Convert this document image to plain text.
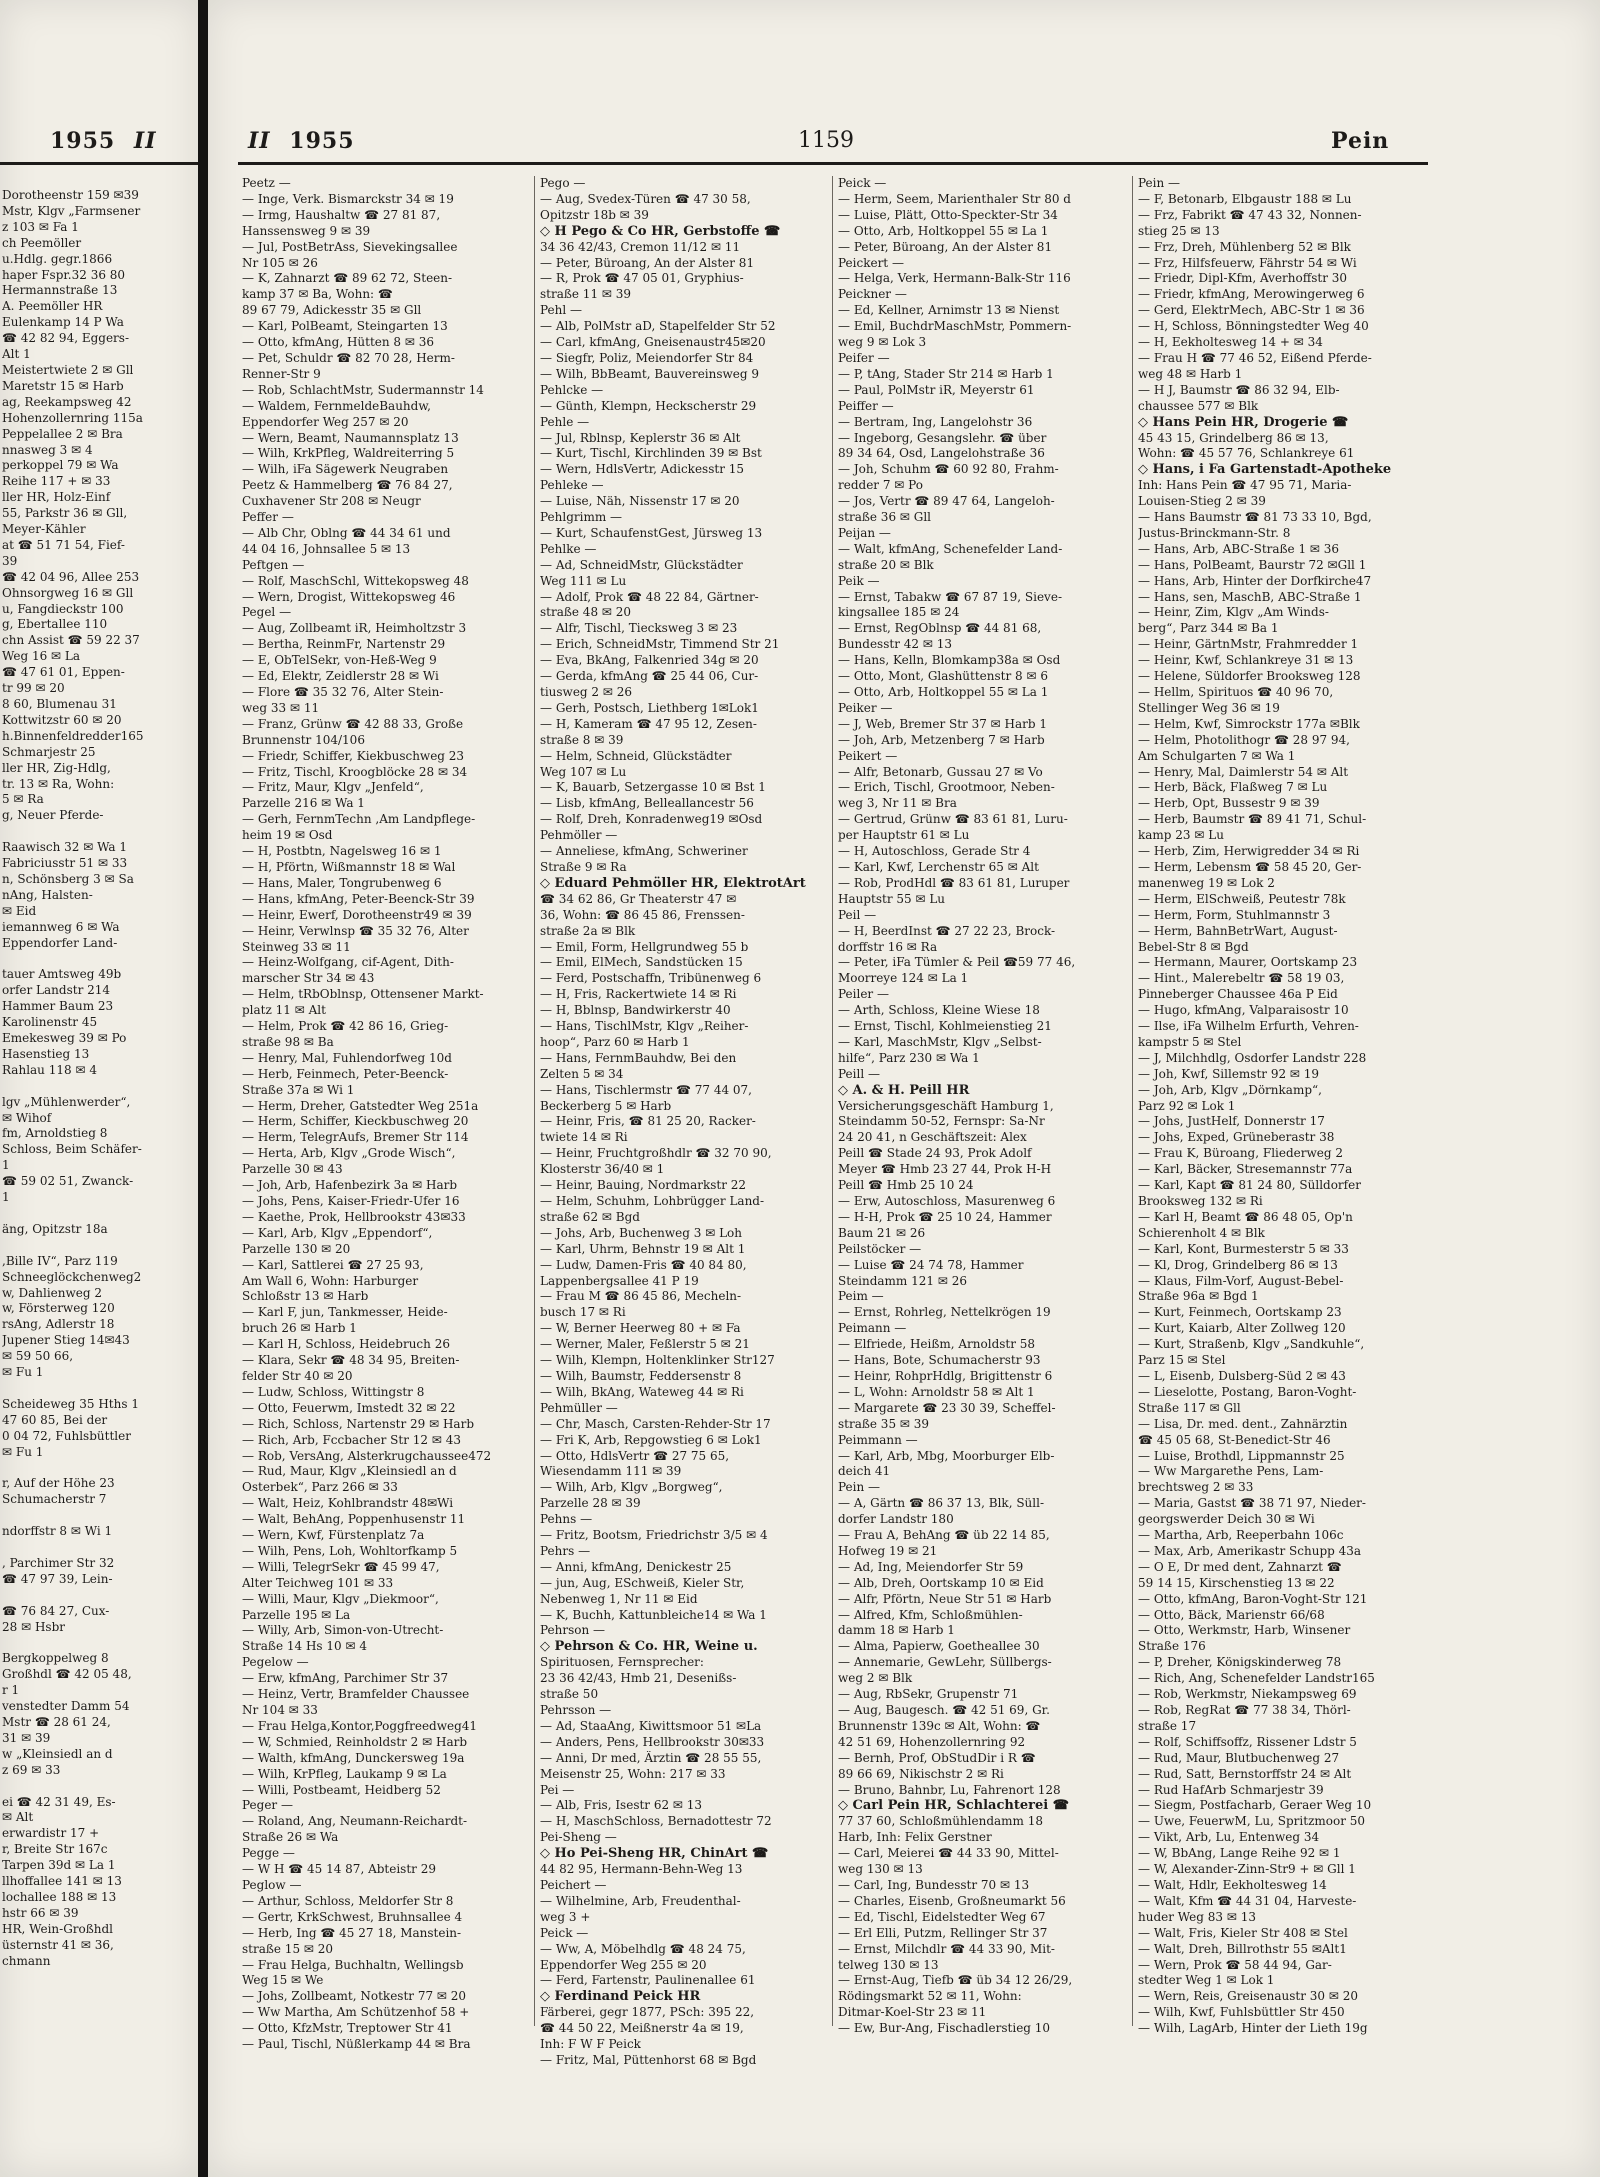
1955 II
Dorotheenstr 159 ✉39
Mstr, Klgv „Farmsener
z 103 ✉ Fa 1
ch Peemöller
u.Hdlg. gegr.1866
haper Fspr.32 36 80
Hermannstraße 13
A. Peemöller HR
Eulenkamp 14 P Wa
☎ 42 82 94, Eggers-
Alt 1
Meistertwiete 2 ✉ Gll
Maretstr 15 ✉ Harb
ag, Reekampsweg 42
Hohenzollernring 115a
Peppelallee 2 ✉ Bra
nnasweg 3 ✉ 4
perkoppel 79 ✉ Wa
Reihe 117 + ✉ 33
ller HR, Holz-Einf
55, Parkstr 36 ✉ Gll,
Meyer-Kähler
at ☎ 51 71 54, Fief-
39
☎ 42 04 96, Allee 253
Ohnsorgweg 16 ✉ Gll
u, Fangdieckstr 100
g, Ebertallee 110
chn Assist ☎ 59 22 37
Weg 16 ✉ La
☎ 47 61 01, Eppen-
tr 99 ✉ 20
8 60, Blumenau 31
Kottwitzstr 60 ✉ 20
h.Binnenfeldredder165
Schmarjestr 25
ller HR, Zig-Hdlg,
tr. 13 ✉ Ra, Wohn:
5 ✉ Ra
g, Neuer Pferde-

Raawisch 32 ✉ Wa 1
Fabriciusstr 51 ✉ 33
n, Schönsberg 3 ✉ Sa
nAng, Halsten-
✉ Eid
iemannweg 6 ✉ Wa
Eppendorfer Land-

tauer Amtsweg 49b
orfer Landstr 214
Hammer Baum 23
Karolinenstr 45
Emekesweg 39 ✉ Po
Hasenstieg 13
Rahlau 118 ✉ 4

lgv „Mühlenwerder“,
✉ Wihof
fm, Arnoldstieg 8
Schloss, Beim Schäfer-
1
☎ 59 02 51, Zwanck-
1

äng, Opitzstr 18a

,Bille IV“, Parz 119
Schneeglöckchenweg2
w, Dahlienweg 2
w, Försterweg 120
rsAng, Adlerstr 18
Jupener Stieg 14✉43
✉ 59 50 66,
✉ Fu 1

Scheideweg 35 Hths 1
47 60 85, Bei der
0 04 72, Fuhlsbüttler
✉ Fu 1

r, Auf der Höhe 23
Schumacherstr 7

ndorffstr 8 ✉ Wi 1

, Parchimer Str 32
☎ 47 97 39, Lein-

☎ 76 84 27, Cux-
28 ✉ Hsbr

Bergkoppelweg 8
Großhdl ☎ 42 05 48,
r 1
venstedter Damm 54
Mstr ☎ 28 61 24,
31 ✉ 39
w „Kleinsiedl an d
z 69 ✉ 33

ei ☎ 42 31 49, Es-
✉ Alt
erwardistr 17 +
r, Breite Str 167c
Tarpen 39d ✉ La 1
llhoffallee 141 ✉ 13
lochallee 188 ✉ 13
hstr 66 ✉ 39
HR, Wein-Großhdl
üsternstr 41 ✉ 36,
chmann
II 1955	1159	Pein
Peetz —
— Inge, Verk. Bismarckstr 34 ✉ 19
— Irmg, Haushaltw ☎ 27 81 87,
Hanssensweg 9 ✉ 39
— Jul, PostBetrAss, Sievekingsallee
Nr 105 ✉ 26
— K, Zahnarzt ☎ 89 62 72, Steen-
kamp 37 ✉ Ba, Wohn: ☎
89 67 79, Adickesstr 35 ✉ Gll
— Karl, PolBeamt, Steingarten 13
— Otto, kfmAng, Hütten 8 ✉ 36
— Pet, Schuldr ☎ 82 70 28, Herm-
Renner-Str 9
— Rob, SchlachtMstr, Sudermannstr 14
— Waldem, FernmeldeBauhdw,
Eppendorfer Weg 257 ✉ 20
— Wern, Beamt, Naumannsplatz 13
— Wilh, KrkPfleg, Waldreiterring 5
— Wilh, iFa Sägewerk Neugraben
Peetz & Hammelberg ☎ 76 84 27,
Cuxhavener Str 208 ✉ Neugr
Peffer —
— Alb Chr, Oblng ☎ 44 34 61 und
44 04 16, Johnsallee 5 ✉ 13
Peftgen —
— Rolf, MaschSchl, Wittekopsweg 48
— Wern, Drogist, Wittekopsweg 46
Pegel —
— Aug, Zollbeamt iR, Heimholtzstr 3
— Bertha, ReinmFr, Nartenstr 29
— E, ObTelSekr, von-Heß-Weg 9
— Ed, Elektr, Zeidlerstr 28 ✉ Wi
— Flore ☎ 35 32 76, Alter Stein-
weg 33 ✉ 11
— Franz, Grünw ☎ 42 88 33, Große
Brunnenstr 104/106
— Friedr, Schiffer, Kiekbuschweg 23
— Fritz, Tischl, Kroogblöcke 28 ✉ 34
— Fritz, Maur, Klgv „Jenfeld“,
Parzelle 216 ✉ Wa 1
— Gerh, FernmTechn ,Am Landpflege-
heim 19 ✉ Osd
— H, Postbtn, Nagelsweg 16 ✉ 1
— H, Pförtn, Wißmannstr 18 ✉ Wal
— Hans, Maler, Tongrubenweg 6
— Hans, kfmAng, Peter-Beenck-Str 39
— Heinr, Ewerf, Dorotheenstr49 ✉ 39
— Heinr, Verwlnsp ☎ 35 32 76, Alter
Steinweg 33 ✉ 11
— Heinz-Wolfgang, cif-Agent, Dith-
marscher Str 34 ✉ 43
— Helm, tRbOblnsp, Ottensener Markt-
platz 11 ✉ Alt
— Helm, Prok ☎ 42 86 16, Grieg-
straße 98 ✉ Ba
— Henry, Mal, Fuhlendorfweg 10d
— Herb, Feinmech, Peter-Beenck-
Straße 37a ✉ Wi 1
— Herm, Dreher, Gatstedter Weg 251a
— Herm, Schiffer, Kieckbuschweg 20
— Herm, TelegrAufs, Bremer Str 114
— Herta, Arb, Klgv „Grode Wisch“,
Parzelle 30 ✉ 43
— Joh, Arb, Hafenbezirk 3a ✉ Harb
— Johs, Pens, Kaiser-Friedr-Ufer 16
— Kaethe, Prok, Hellbrookstr 43✉33
— Karl, Arb, Klgv „Eppendorf“,
Parzelle 130 ✉ 20
— Karl, Sattlerei ☎ 27 25 93,
Am Wall 6, Wohn: Harburger
Schloßstr 13 ✉ Harb
— Karl F, jun, Tankmesser, Heide-
bruch 26 ✉ Harb 1
— Karl H, Schloss, Heidebruch 26
— Klara, Sekr ☎ 48 34 95, Breiten-
felder Str 40 ✉ 20
— Ludw, Schloss, Wittingstr 8
— Otto, Feuerwm, Imstedt 32 ✉ 22
— Rich, Schloss, Nartenstr 29 ✉ Harb
— Rich, Arb, Fccbacher Str 12 ✉ 43
— Rob, VersAng, Alsterkrugchaussee472
— Rud, Maur, Klgv „Kleinsiedl an d
Osterbek“, Parz 266 ✉ 33
— Walt, Heiz, Kohlbrandstr 48✉Wi
— Walt, BehAng, Poppenhusenstr 11
— Wern, Kwf, Fürstenplatz 7a
— Wilh, Pens, Loh, Wohltorfkamp 5
— Willi, TelegrSekr ☎ 45 99 47,
Alter Teichweg 101 ✉ 33
— Willi, Maur, Klgv „Diekmoor“,
Parzelle 195 ✉ La
— Willy, Arb, Simon-von-Utrecht-
Straße 14 Hs 10 ✉ 4
Pegelow —
— Erw, kfmAng, Parchimer Str 37
— Heinz, Vertr, Bramfelder Chaussee
Nr 104 ✉ 33
— Frau Helga,Kontor,Poggfreedweg41
— W, Schmied, Reinholdstr 2 ✉ Harb
— Walth, kfmAng, Dunckersweg 19a
— Wilh, KrPfleg, Laukamp 9 ✉ La
— Willi, Postbeamt, Heidberg 52
Peger —
— Roland, Ang, Neumann-Reichardt-
Straße 26 ✉ Wa
Pegge —
— W H ☎ 45 14 87, Abteistr 29
Peglow —
— Arthur, Schloss, Meldorfer Str 8
— Gertr, KrkSchwest, Bruhnsallee 4
— Herb, Ing ☎ 45 27 18, Manstein-
straße 15 ✉ 20
— Frau Helga, Buchhaltn, Wellingsb
Weg 15 ✉ We
— Johs, Zollbeamt, Notkestr 77 ✉ 20
— Ww Martha, Am Schützenhof 58 +
— Otto, KfzMstr, Treptower Str 41
— Paul, Tischl, Nüßlerkamp 44 ✉ Bra
Pego —
— Aug, Svedex-Türen ☎ 47 30 58,
Opitzstr 18b ✉ 39
◇ H Pego & Co HR, Gerbstoffe ☎
34 36 42/43, Cremon 11/12 ✉ 11
— Peter, Büroang, An der Alster 81
— R, Prok ☎ 47 05 01, Gryphius-
straße 11 ✉ 39
Pehl —
— Alb, PolMstr aD, Stapelfelder Str 52
— Carl, kfmAng, Gneisenaustr45✉20
— Siegfr, Poliz, Meiendorfer Str 84
— Wilh, BbBeamt, Bauvereinsweg 9
Pehlcke —
— Günth, Klempn, Heckscherstr 29
Pehle —
— Jul, Rblnsp, Keplerstr 36 ✉ Alt
— Kurt, Tischl, Kirchlinden 39 ✉ Bst
— Wern, HdlsVertr, Adickesstr 15
Pehleke —
— Luise, Näh, Nissenstr 17 ✉ 20
Pehlgrimm —
— Kurt, SchaufenstGest, Jürsweg 13
Pehlke —
— Ad, SchneidMstr, Glückstädter
Weg 111 ✉ Lu
— Adolf, Prok ☎ 48 22 84, Gärtner-
straße 48 ✉ 20
— Alfr, Tischl, Tiecksweg 3 ✉ 23
— Erich, SchneidMstr, Timmend Str 21
— Eva, BkAng, Falkenried 34g ✉ 20
— Gerda, kfmAng ☎ 25 44 06, Cur-
tiusweg 2 ✉ 26
— Gerh, Postsch, Liethberg 1✉Lok1
— H, Kameram ☎ 47 95 12, Zesen-
straße 8 ✉ 39
— Helm, Schneid, Glückstädter
Weg 107 ✉ Lu
— K, Bauarb, Setzergasse 10 ✉ Bst 1
— Lisb, kfmAng, Belleallancestr 56
— Rolf, Dreh, Konradenweg19 ✉Osd
Pehmöller —
— Anneliese, kfmAng, Schweriner
Straße 9 ✉ Ra
◇ Eduard Pehmöller HR, ElektrotArt
☎ 34 62 86, Gr Theaterstr 47 ✉
36, Wohn: ☎ 86 45 86, Frenssen-
straße 2a ✉ Blk
— Emil, Form, Hellgrundweg 55 b
— Emil, ElMech, Sandstücken 15
— Ferd, Postschaffn, Tribünenweg 6
— H, Fris, Rackertwiete 14 ✉ Ri
— H, Bblnsp, Bandwirkerstr 40
— Hans, TischlMstr, Klgv „Reiher-
hoop“, Parz 60 ✉ Harb 1
— Hans, FernmBauhdw, Bei den
Zelten 5 ✉ 34
— Hans, Tischlermstr ☎ 77 44 07,
Beckerberg 5 ✉ Harb
— Heinr, Fris, ☎ 81 25 20, Racker-
twiete 14 ✉ Ri
— Heinr, Fruchtgroßhdlr ☎ 32 70 90,
Klosterstr 36/40 ✉ 1
— Heinr, Bauing, Nordmarkstr 22
— Helm, Schuhm, Lohbrügger Land-
straße 62 ✉ Bgd
— Johs, Arb, Buchenweg 3 ✉ Loh
— Karl, Uhrm, Behnstr 19 ✉ Alt 1
— Ludw, Damen-Fris ☎ 40 84 80,
Lappenbergsallee 41 P 19
— Frau M ☎ 86 45 86, Mecheln-
busch 17 ✉ Ri
— W, Berner Heerweg 80 + ✉ Fa
— Werner, Maler, Feßlerstr 5 ✉ 21
— Wilh, Klempn, Holtenklinker Str127
— Wilh, Baumstr, Feddersenstr 8
— Wilh, BkAng, Wateweg 44 ✉ Ri
Pehmüller —
— Chr, Masch, Carsten-Rehder-Str 17
— Fri K, Arb, Repgowstieg 6 ✉ Lok1
— Otto, HdlsVertr ☎ 27 75 65,
Wiesendamm 111 ✉ 39
— Wilh, Arb, Klgv „Borgweg“,
Parzelle 28 ✉ 39
Pehns —
— Fritz, Bootsm, Friedrichstr 3/5 ✉ 4
Pehrs —
— Anni, kfmAng, Denickestr 25
— jun, Aug, ESchweiß, Kieler Str,
Nebenweg 1, Nr 11 ✉ Eid
— K, Buchh, Kattunbleiche14 ✉ Wa 1
Pehrson —
◇ Pehrson & Co. HR, Weine u.
Spirituosen, Fernsprecher:
23 36 42/43, Hmb 21, Desenißs-
straße 50
Pehrsson —
— Ad, StaaAng, Kiwittsmoor 51 ✉La
— Anders, Pens, Hellbrookstr 30✉33
— Anni, Dr med, Ärztin ☎ 28 55 55,
Meisenstr 25, Wohn: 217 ✉ 33
Pei —
— Alb, Fris, Isestr 62 ✉ 13
— H, MaschSchloss, Bernadottestr 72
Pei-Sheng —
◇ Ho Pei-Sheng HR, ChinArt ☎
44 82 95, Hermann-Behn-Weg 13
Peichert —
— Wilhelmine, Arb, Freudenthal-
weg 3 +
Peick —
— Ww, A, Möbelhdlg ☎ 48 24 75,
Eppendorfer Weg 255 ✉ 20
— Ferd, Fartenstr, Paulinenallee 61
◇ Ferdinand Peick HR
Färberei, gegr 1877, PSch: 395 22,
☎ 44 50 22, Meißnerstr 4a ✉ 19,
Inh: F W F Peick
— Fritz, Mal, Püttenhorst 68 ✉ Bgd
Peick —
— Herm, Seem, Marienthaler Str 80 d
— Luise, Plätt, Otto-Speckter-Str 34
— Otto, Arb, Holtkoppel 55 ✉ La 1
— Peter, Büroang, An der Alster 81
Peickert —
— Helga, Verk, Hermann-Balk-Str 116
Peickner —
— Ed, Kellner, Arnimstr 13 ✉ Nienst
— Emil, BuchdrMaschMstr, Pommern-
weg 9 ✉ Lok 3
Peifer —
— P, tAng, Stader Str 214 ✉ Harb 1
— Paul, PolMstr iR, Meyerstr 61
Peiffer —
— Bertram, Ing, Langelohstr 36
— Ingeborg, Gesangslehr. ☎ über
89 34 64, Osd, Langelohstraße 36
— Joh, Schuhm ☎ 60 92 80, Frahm-
redder 7 ✉ Po
— Jos, Vertr ☎ 89 47 64, Langeloh-
straße 36 ✉ Gll
Peijan —
— Walt, kfmAng, Schenefelder Land-
straße 20 ✉ Blk
Peik —
— Ernst, Tabakw ☎ 67 87 19, Sieve-
kingsallee 185 ✉ 24
— Ernst, RegOblnsp ☎ 44 81 68,
Bundesstr 42 ✉ 13
— Hans, Kelln, Blomkamp38a ✉ Osd
— Otto, Mont, Glashüttenstr 8 ✉ 6
— Otto, Arb, Holtkoppel 55 ✉ La 1
Peiker —
— J, Web, Bremer Str 37 ✉ Harb 1
— Joh, Arb, Metzenberg 7 ✉ Harb
Peikert —
— Alfr, Betonarb, Gussau 27 ✉ Vo
— Erich, Tischl, Grootmoor, Neben-
weg 3, Nr 11 ✉ Bra
— Gertrud, Grünw ☎ 83 61 81, Luru-
per Hauptstr 61 ✉ Lu
— H, Autoschloss, Gerade Str 4
— Karl, Kwf, Lerchenstr 65 ✉ Alt
— Rob, ProdHdl ☎ 83 61 81, Luruper
Hauptstr 55 ✉ Lu
Peil —
— H, BeerdInst ☎ 27 22 23, Brock-
dorffstr 16 ✉ Ra
— Peter, iFa Tümler & Peil ☎59 77 46,
Moorreye 124 ✉ La 1
Peiler —
— Arth, Schloss, Kleine Wiese 18
— Ernst, Tischl, Kohlmeienstieg 21
— Karl, MaschMstr, Klgv „Selbst-
hilfe“, Parz 230 ✉ Wa 1
Peill —
◇ A. & H. Peill HR
Versicherungsgeschäft Hamburg 1,
Steindamm 50-52, Fernspr: Sa-Nr
24 20 41, n Geschäftszeit: Alex
Peill ☎ Stade 24 93, Prok Adolf
Meyer ☎ Hmb 23 27 44, Prok H-H
Peill ☎ Hmb 25 10 24
— Erw, Autoschloss, Masurenweg 6
— H-H, Prok ☎ 25 10 24, Hammer
Baum 21 ✉ 26
Peilstöcker —
— Luise ☎ 24 74 78, Hammer
Steindamm 121 ✉ 26
Peim —
— Ernst, Rohrleg, Nettelkrögen 19
Peimann —
— Elfriede, Heißm, Arnoldstr 58
— Hans, Bote, Schumacherstr 93
— Heinr, RohprHdlg, Brigittenstr 6
— L, Wohn: Arnoldstr 58 ✉ Alt 1
— Margarete ☎ 23 30 39, Scheffel-
straße 35 ✉ 39
Peimmann —
— Karl, Arb, Mbg, Moorburger Elb-
deich 41
Pein —
— A, Gärtn ☎ 86 37 13, Blk, Süll-
dorfer Landstr 180
— Frau A, BehAng ☎ üb 22 14 85,
Hofweg 19 ✉ 21
— Ad, Ing, Meiendorfer Str 59
— Alb, Dreh, Oortskamp 10 ✉ Eid
— Alfr, Pförtn, Neue Str 51 ✉ Harb
— Alfred, Kfm, Schloßmühlen-
damm 18 ✉ Harb 1
— Alma, Papierw, Goetheallee 30
— Annemarie, GewLehr, Süllbergs-
weg 2 ✉ Blk
— Aug, RbSekr, Grupenstr 71
— Aug, Baugesch. ☎ 42 51 69, Gr.
Brunnenstr 139c ✉ Alt, Wohn: ☎
42 51 69, Hohenzollernring 92
— Bernh, Prof, ObStudDir i R ☎
89 66 69, Nikischstr 2 ✉ Ri
— Bruno, Bahnbr, Lu, Fahrenort 128
◇ Carl Pein HR, Schlachterei ☎
77 37 60, Schloßmühlendamm 18
Harb, Inh: Felix Gerstner
— Carl, Meierei ☎ 44 33 90, Mittel-
weg 130 ✉ 13
— Carl, Ing, Bundesstr 70 ✉ 13
— Charles, Eisenb, Großneumarkt 56
— Ed, Tischl, Eidelstedter Weg 67
— Erl Elli, Putzm, Rellinger Str 37
— Ernst, Milchdlr ☎ 44 33 90, Mit-
telweg 130 ✉ 13
— Ernst-Aug, Tiefb ☎ üb 34 12 26/29,
Rödingsmarkt 52 ✉ 11, Wohn:
Ditmar-Koel-Str 23 ✉ 11
— Ew, Bur-Ang, Fischadlerstieg 10
Pein —
— F, Betonarb, Elbgaustr 188 ✉ Lu
— Frz, Fabrikt ☎ 47 43 32, Nonnen-
stieg 25 ✉ 13
— Frz, Dreh, Mühlenberg 52 ✉ Blk
— Frz, Hilfsfeuerw, Fährstr 54 ✉ Wi
— Friedr, Dipl-Kfm, Averhoffstr 30
— Friedr, kfmAng, Merowingerweg 6
— Gerd, ElektrMech, ABC-Str 1 ✉ 36
— H, Schloss, Bönningstedter Weg 40
— H, Eekholtesweg 14 + ✉ 34
— Frau H ☎ 77 46 52, Eißend Pferde-
weg 48 ✉ Harb 1
— H J, Baumstr ☎ 86 32 94, Elb-
chaussee 577 ✉ Blk
◇ Hans Pein HR, Drogerie ☎
45 43 15, Grindelberg 86 ✉ 13,
Wohn: ☎ 45 57 76, Schlankreye 61
◇ Hans, i Fa Gartenstadt-Apotheke
Inh: Hans Pein ☎ 47 95 71, Maria-
Louisen-Stieg 2 ✉ 39
— Hans Baumstr ☎ 81 73 33 10, Bgd,
Justus-Brinckmann-Str. 8
— Hans, Arb, ABC-Straße 1 ✉ 36
— Hans, PolBeamt, Baurstr 72 ✉Gll 1
— Hans, Arb, Hinter der Dorfkirche47
— Hans, sen, MaschB, ABC-Straße 1
— Heinr, Zim, Klgv „Am Winds-
berg“, Parz 344 ✉ Ba 1
— Heinr, GärtnMstr, Frahmredder 1
— Heinr, Kwf, Schlankreye 31 ✉ 13
— Helene, Süldorfer Brooksweg 128
— Hellm, Spirituos ☎ 40 96 70,
Stellinger Weg 36 ✉ 19
— Helm, Kwf, Simrockstr 177a ✉Blk
— Helm, Photolithogr ☎ 28 97 94,
Am Schulgarten 7 ✉ Wa 1
— Henry, Mal, Daimlerstr 54 ✉ Alt
— Herb, Bäck, Flaßweg 7 ✉ Lu
— Herb, Opt, Bussestr 9 ✉ 39
— Herb, Baumstr ☎ 89 41 71, Schul-
kamp 23 ✉ Lu
— Herb, Zim, Herwigredder 34 ✉ Ri
— Herm, Lebensm ☎ 58 45 20, Ger-
manenweg 19 ✉ Lok 2
— Herm, ElSchweiß, Peutestr 78k
— Herm, Form, Stuhlmannstr 3
— Herm, BahnBetrWart, August-
Bebel-Str 8 ✉ Bgd
— Hermann, Maurer, Oortskamp 23
— Hint., Malerebeltr ☎ 58 19 03,
Pinneberger Chaussee 46a P Eid
— Hugo, kfmAng, Valparaisostr 10
— Ilse, iFa Wilhelm Erfurth, Vehren-
kampstr 5 ✉ Stel
— J, Milchhdlg, Osdorfer Landstr 228
— Joh, Kwf, Sillemstr 92 ✉ 19
— Joh, Arb, Klgv „Dörnkamp“,
Parz 92 ✉ Lok 1
— Johs, JustHelf, Donnerstr 17
— Johs, Exped, Grüneberastr 38
— Frau K, Büroang, Fliederweg 2
— Karl, Bäcker, Stresemannstr 77a
— Karl, Kapt ☎ 81 24 80, Sülldorfer
Brooksweg 132 ✉ Ri
— Karl H, Beamt ☎ 86 48 05, Op'n
Schierenholt 4 ✉ Blk
— Karl, Kont, Burmesterstr 5 ✉ 33
— Kl, Drog, Grindelberg 86 ✉ 13
— Klaus, Film-Vorf, August-Bebel-
Straße 96a ✉ Bgd 1
— Kurt, Feinmech, Oortskamp 23
— Kurt, Kaiarb, Alter Zollweg 120
— Kurt, Straßenb, Klgv „Sandkuhle“,
Parz 15 ✉ Stel
— L, Eisenb, Dulsberg-Süd 2 ✉ 43
— Lieselotte, Postang, Baron-Voght-
Straße 117 ✉ Gll
— Lisa, Dr. med. dent., Zahnärztin
☎ 45 05 68, St-Benedict-Str 46
— Luise, Brothdl, Lippmannstr 25
— Ww Margarethe Pens, Lam-
brechtsweg 2 ✉ 33
— Maria, Gastst ☎ 38 71 97, Nieder-
georgswerder Deich 30 ✉ Wi
— Martha, Arb, Reeperbahn 106c
— Max, Arb, Amerikastr Schupp 43a
— O E, Dr med dent, Zahnarzt ☎
59 14 15, Kirschenstieg 13 ✉ 22
— Otto, kfmAng, Baron-Voght-Str 121
— Otto, Bäck, Marienstr 66/68
— Otto, Werkmstr, Harb, Winsener
Straße 176
— P, Dreher, Königskinderweg 78
— Rich, Ang, Schenefelder Landstr165
— Rob, Werkmstr, Niekampsweg 69
— Rob, RegRat ☎ 77 38 34, Thörl-
straße 17
— Rolf, Schiffsoffz, Rissener Ldstr 5
— Rud, Maur, Blutbuchenweg 27
— Rud, Satt, Bernstorffstr 24 ✉ Alt
— Rud HafArb Schmarjestr 39
— Siegm, Postfacharb, Geraer Weg 10
— Uwe, FeuerwM, Lu, Spritzmoor 50
— Vikt, Arb, Lu, Entenweg 34
— W, BbAng, Lange Reihe 92 ✉ 1
— W, Alexander-Zinn-Str9 + ✉ Gll 1
— Walt, Hdlr, Eekholtesweg 14
— Walt, Kfm ☎ 44 31 04, Harveste-
huder Weg 83 ✉ 13
— Walt, Fris, Kieler Str 408 ✉ Stel
— Walt, Dreh, Billrothstr 55 ✉Alt1
— Wern, Prok ☎ 58 44 94, Gar-
stedter Weg 1 ✉ Lok 1
— Wern, Reis, Greisenaustr 30 ✉ 20
— Wilh, Kwf, Fuhlsbüttler Str 450
— Wilh, LagArb, Hinter der Lieth 19g
